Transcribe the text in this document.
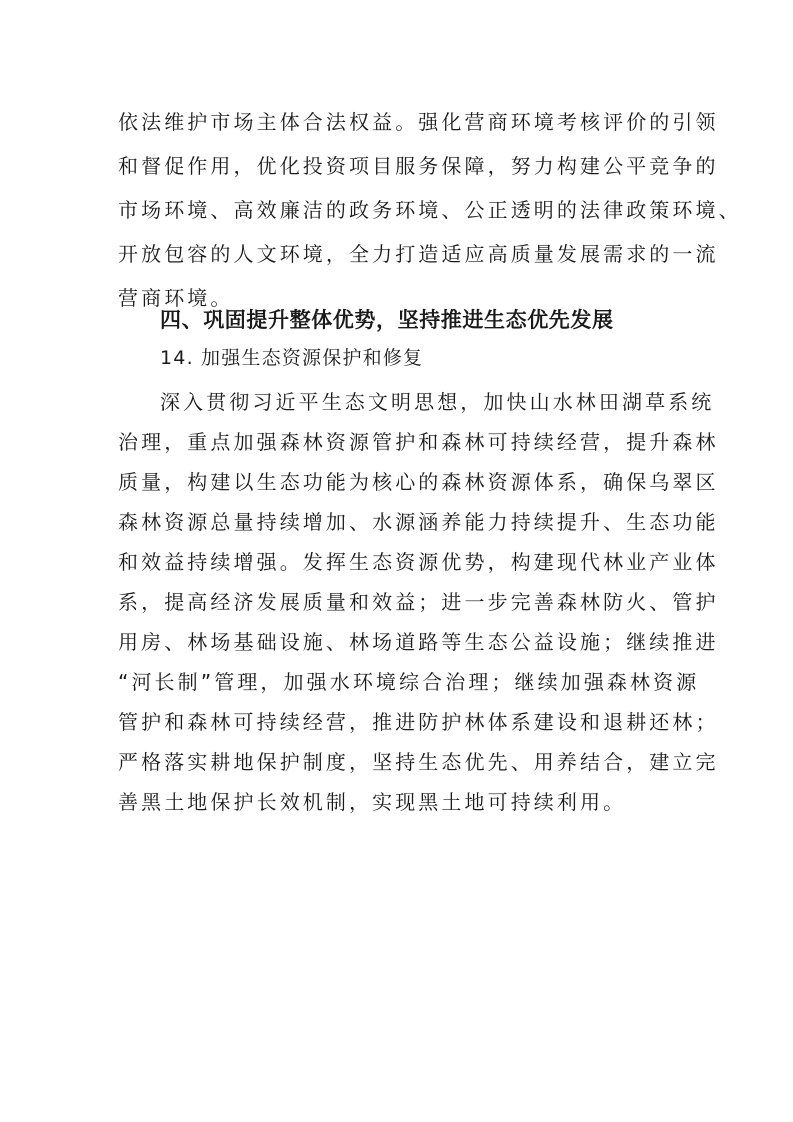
依法维护市场主体合法权益。强化营商环境考核评价的引领
和督促作用，优化投资项目服务保障，努力构建公平竞争的
市场环境、高效廉洁的政务环境、公正透明的法律政策环境、
开放包容的人文环境，全力打造适应高质量发展需求的一流
营商环境。
四、巩固提升整体优势，坚持推进生态优先发展
14. 加强生态资源保护和修复
深入贯彻习近平生态文明思想，加快山水林田湖草系统
治理，重点加强森林资源管护和森林可持续经营，提升森林
质量，构建以生态功能为核心的森林资源体系，确保乌翠区
森林资源总量持续增加、水源涵养能力持续提升、生态功能
和效益持续增强。发挥生态资源优势，构建现代林业产业体
系，提高经济发展质量和效益；进一步完善森林防火、管护
用房、林场基础设施、林场道路等生态公益设施；继续推进
“河长制”管理，加强水环境综合治理；继续加强森林资源
管护和森林可持续经营，推进防护林体系建设和退耕还林；
严格落实耕地保护制度，坚持生态优先、用养结合，建立完
善黑土地保护长效机制，实现黑土地可持续利用。
